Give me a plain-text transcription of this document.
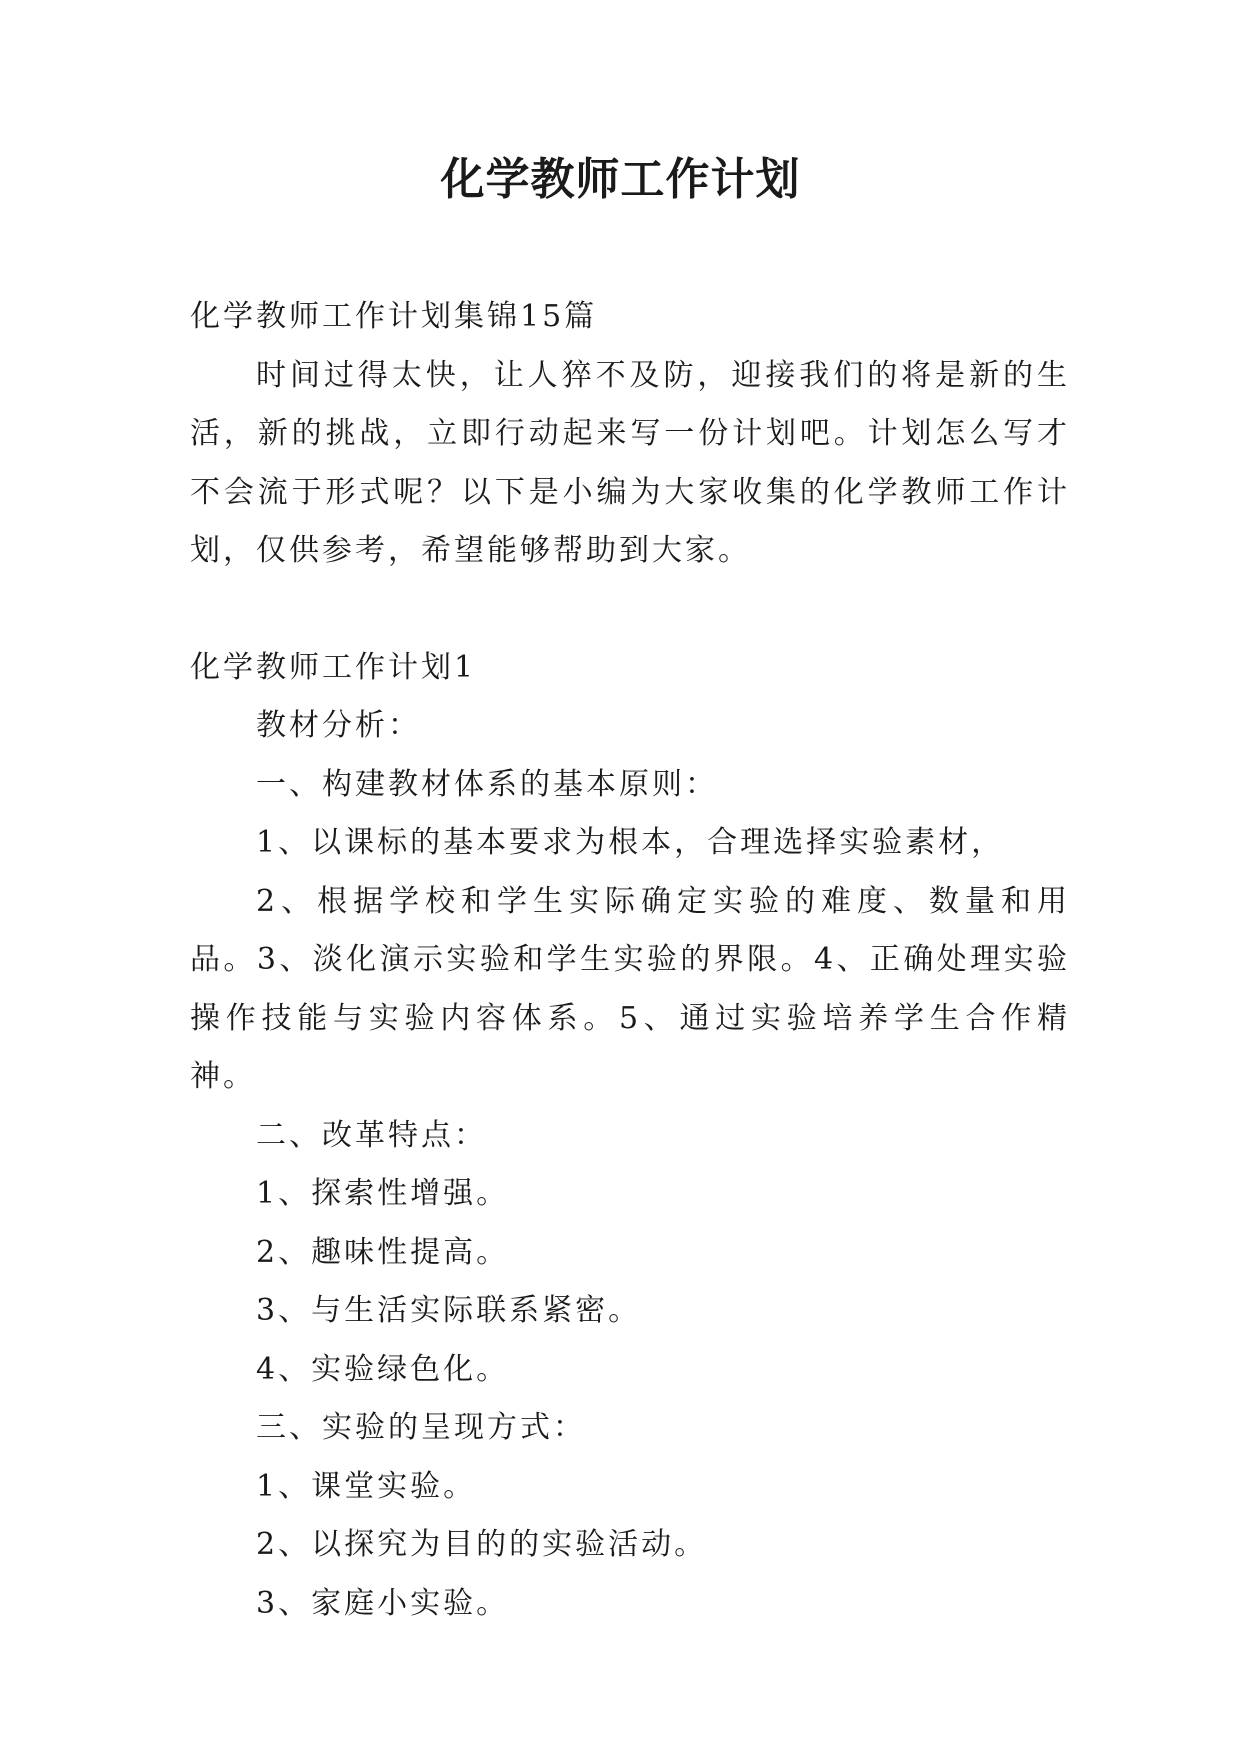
化学教师工作计划

化学教师工作计划集锦15篇

时间过得太快，让人猝不及防，迎接我们的将是新的生活，新的挑战，立即行动起来写一份计划吧。计划怎么写才不会流于形式呢？以下是小编为大家收集的化学教师工作计划，仅供参考，希望能够帮助到大家。

化学教师工作计划1

教材分析：

一、构建教材体系的基本原则：

1、以课标的基本要求为根本，合理选择实验素材，

2、根据学校和学生实际确定实验的难度、数量和用品。3、淡化演示实验和学生实验的界限。4、正确处理实验操作技能与实验内容体系。5、通过实验培养学生合作精神。

二、改革特点：

1、探索性增强。

2、趣味性提高。

3、与生活实际联系紧密。

4、实验绿色化。

三、实验的呈现方式：

1、课堂实验。

2、以探究为目的的实验活动。

3、家庭小实验。
